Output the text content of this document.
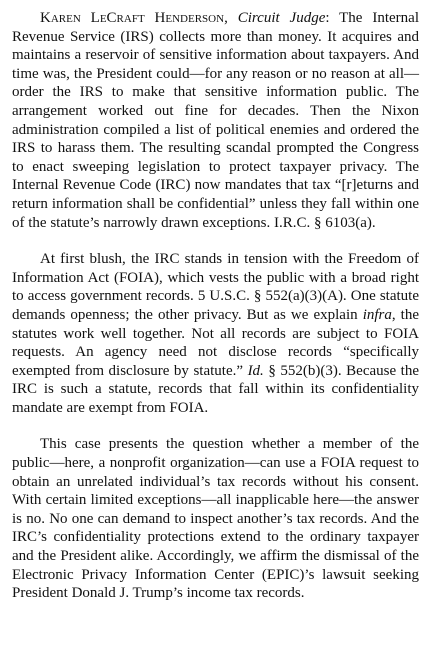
Karen LeCraft Henderson, Circuit Judge: The Internal Revenue Service (IRS) collects more than money. It acquires and maintains a reservoir of sensitive information about taxpayers. And time was, the President could—for any reason or no reason at all—order the IRS to make that sensitive information public. The arrangement worked out fine for decades. Then the Nixon administration compiled a list of political enemies and ordered the IRS to harass them. The resulting scandal prompted the Congress to enact sweeping legislation to protect taxpayer privacy. The Internal Revenue Code (IRC) now mandates that tax “[r]eturns and return information shall be confidential” unless they fall within one of the statute’s narrowly drawn exceptions. I.R.C. § 6103(a).

At first blush, the IRC stands in tension with the Freedom of Information Act (FOIA), which vests the public with a broad right to access government records. 5 U.S.C. § 552(a)(3)(A). One statute demands openness; the other privacy. But as we explain infra, the statutes work well together. Not all records are subject to FOIA requests. An agency need not disclose records “specifically exempted from disclosure by statute.” Id. § 552(b)(3). Because the IRC is such a statute, records that fall within its confidentiality mandate are exempt from FOIA.

This case presents the question whether a member of the public—here, a nonprofit organization—can use a FOIA request to obtain an unrelated individual’s tax records without his consent. With certain limited exceptions—all inapplicable here—the answer is no. No one can demand to inspect another’s tax records. And the IRC’s confidentiality protections extend to the ordinary taxpayer and the President alike. Accordingly, we affirm the dismissal of the Electronic Privacy Information Center (EPIC)’s lawsuit seeking President Donald J. Trump’s income tax records.
